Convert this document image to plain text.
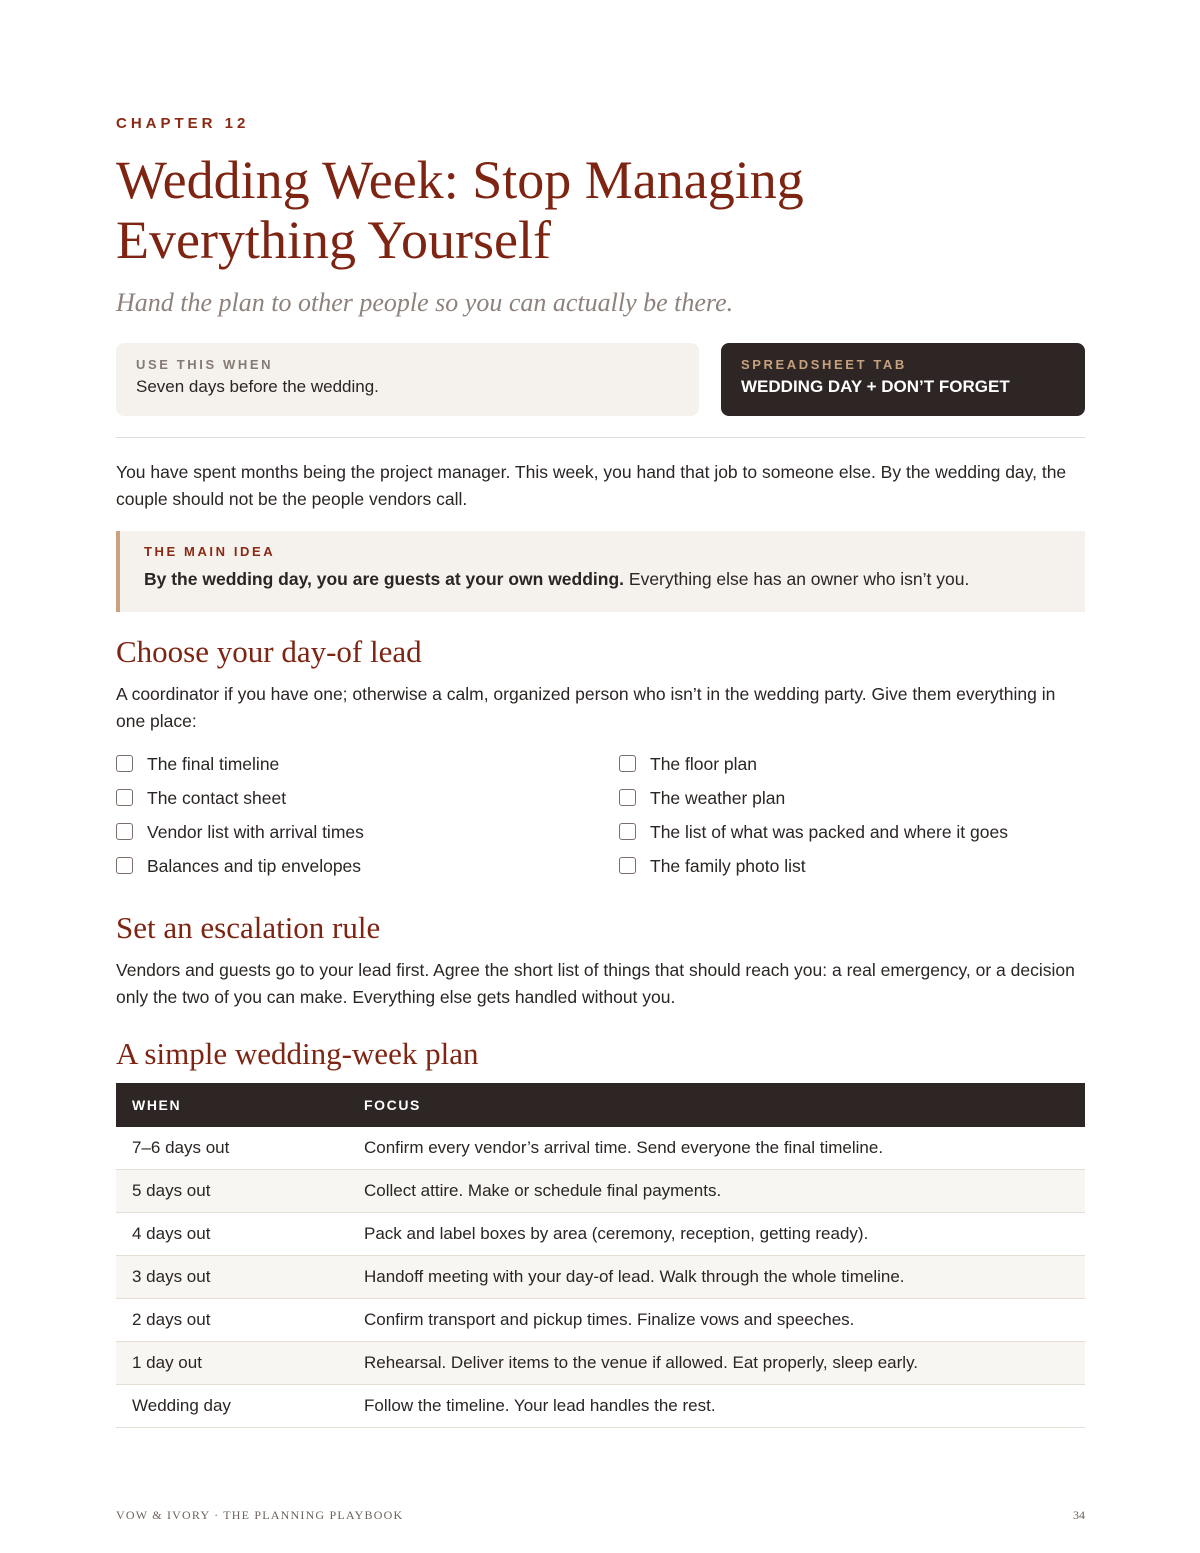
CHAPTER 12
Wedding Week: Stop Managing Everything Yourself
Hand the plan to other people so you can actually be there.
USE THIS WHEN
Seven days before the wedding.
SPREADSHEET TAB
WEDDING DAY + DON’T FORGET

You have spent months being the project manager. This week, you hand that job to someone else. By the wedding day, the couple should not be the people vendors call.

THE MAIN IDEA
By the wedding day, you are guests at your own wedding. Everything else has an owner who isn’t you.
Choose your day-of lead

A coordinator if you have one; otherwise a calm, organized person who isn’t in the wedding party. Give them everything in one place:

The final timeline
The contact sheet
Vendor list with arrival times
Balances and tip envelopes
The floor plan
The weather plan
The list of what was packed and where it goes
The family photo list
Set an escalation rule

Vendors and guests go to your lead first. Agree the short list of things that should reach you: a real emergency, or a decision only the two of you can make. Everything else gets handled without you.

A simple wedding-week plan
WHEN	FOCUS
7–6 days out	Confirm every vendor’s arrival time. Send everyone the final timeline.
5 days out	Collect attire. Make or schedule final payments.
4 days out	Pack and label boxes by area (ceremony, reception, getting ready).
3 days out	Handoff meeting with your day-of lead. Walk through the whole timeline.
2 days out	Confirm transport and pickup times. Finalize vows and speeches.
1 day out	Rehearsal. Deliver items to the venue if allowed. Eat properly, sleep early.
Wedding day	Follow the timeline. Your lead handles the rest.
VOW & IVORY · THE PLANNING PLAYBOOK	34
